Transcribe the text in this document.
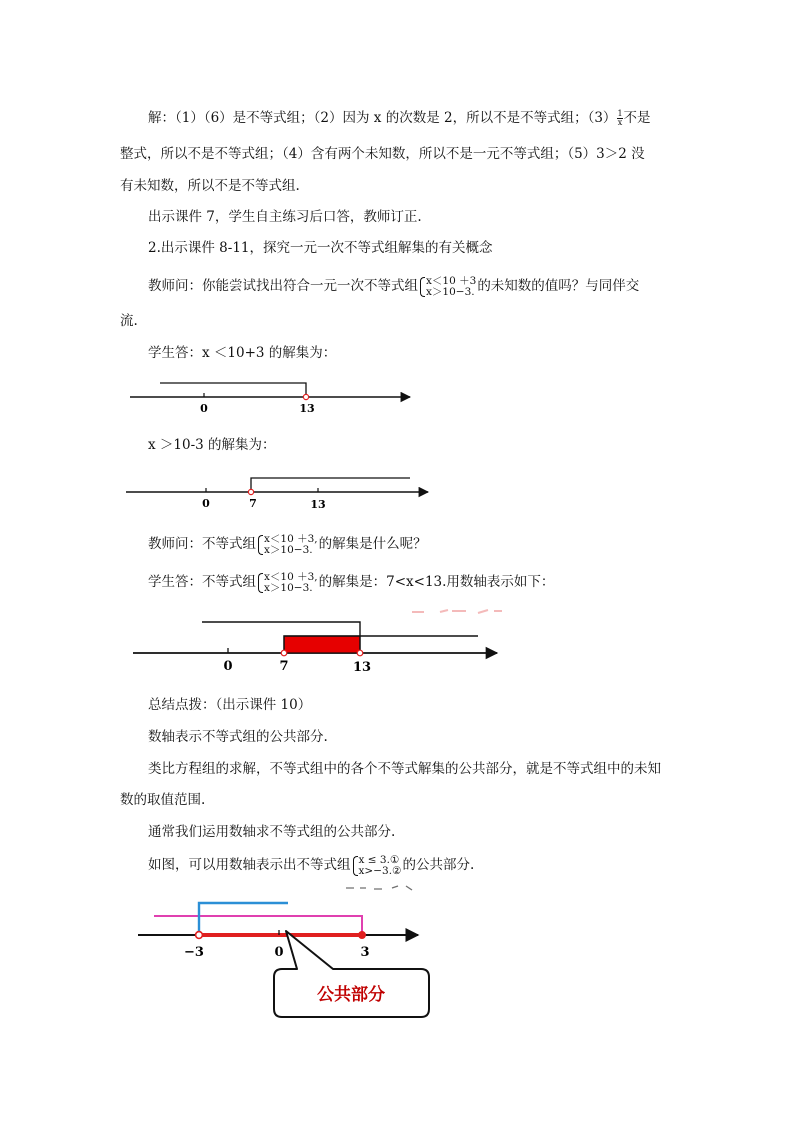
解：（1）（6）是不等式组；（2）因为 x 的次数是 2，所以不是不等式组；$(3) \frac{1}{x}$ 不是
整式，所以不是不等式组；（4）含有两个未知数，所以不是一元不等式组；（5）3＞2 没
有未知数，所以不是不等式组.
出示课件 7，学生自主练习后口答，教师订正.
2.出示课件 8-11，探究一元一次不等式组解集的有关概念
教师问：你能尝试找出符合一元一次不等式组 x＜10 ＋3
x＞10−3. 的未知数的值吗？与同伴交
流.
学生答：x ＜10+3 的解集为：
x ＞10-3 的解集为：
教师问：不等式组 x＜10 ＋3,
x＞10−3. 的解集是什么呢？
学生答：不等式组 x＜10 ＋3,
x＞10−3. 的解集是：7<x<13.用数轴表示如下：
总结点拨：（出示课件 10）
数轴表示不等式组的公共部分.
类比方程组的求解，不等式组中的各个不等式解集的公共部分，就是不等式组中的未知
数的取值范围.
通常我们运用数轴求不等式组的公共部分.
如图，可以用数轴表示出不等式组 x ≤ 3.①
x>−3.② 的公共部分.
0	13
0	7	13
0	7	13
−3	0	3
公共部分
